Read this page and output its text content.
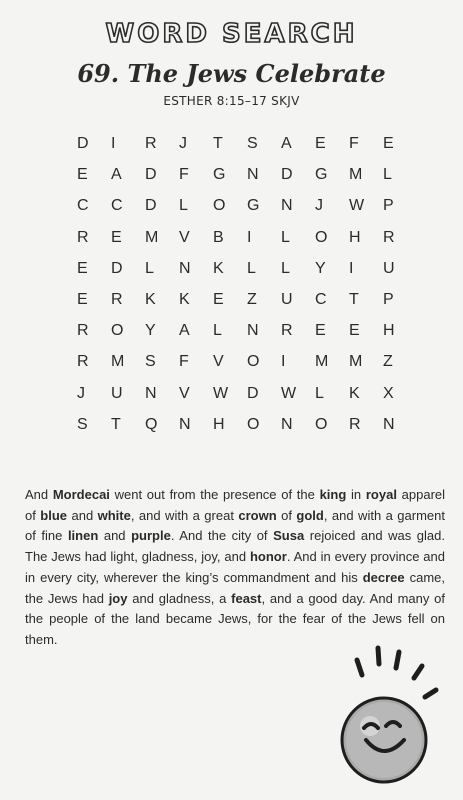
WORD SEARCH
69. The Jews Celebrate
ESTHER 8:15–17 SKJV
D	I	R	J	T	S	A	E	F	E
E	A	D	F	G	N	D	G	M	L
C	C	D	L	O	G	N	J	W	P
R	E	M	V	B	I	L	O	H	R
E	D	L	N	K	L	L	Y	I	U
E	R	K	K	E	Z	U	C	T	P
R	O	Y	A	L	N	R	E	E	H
R	M	S	F	V	O	I	M	M	Z
J	U	N	V	W	D	W	L	K	X
S	T	Q	N	H	O	N	O	R	N
And Mordecai went out from the presence of the king in royal apparel of blue and white, and with a great crown of gold, and with a garment of fine linen and purple. And the city of Susa rejoiced and was glad. The Jews had light, gladness, joy, and honor. And in every province and in every city, wherever the king’s commandment and his decree came, the Jews had joy and gladness, a feast, and a good day. And many of the people of the land became Jews, for the fear of the Jews fell on them.
